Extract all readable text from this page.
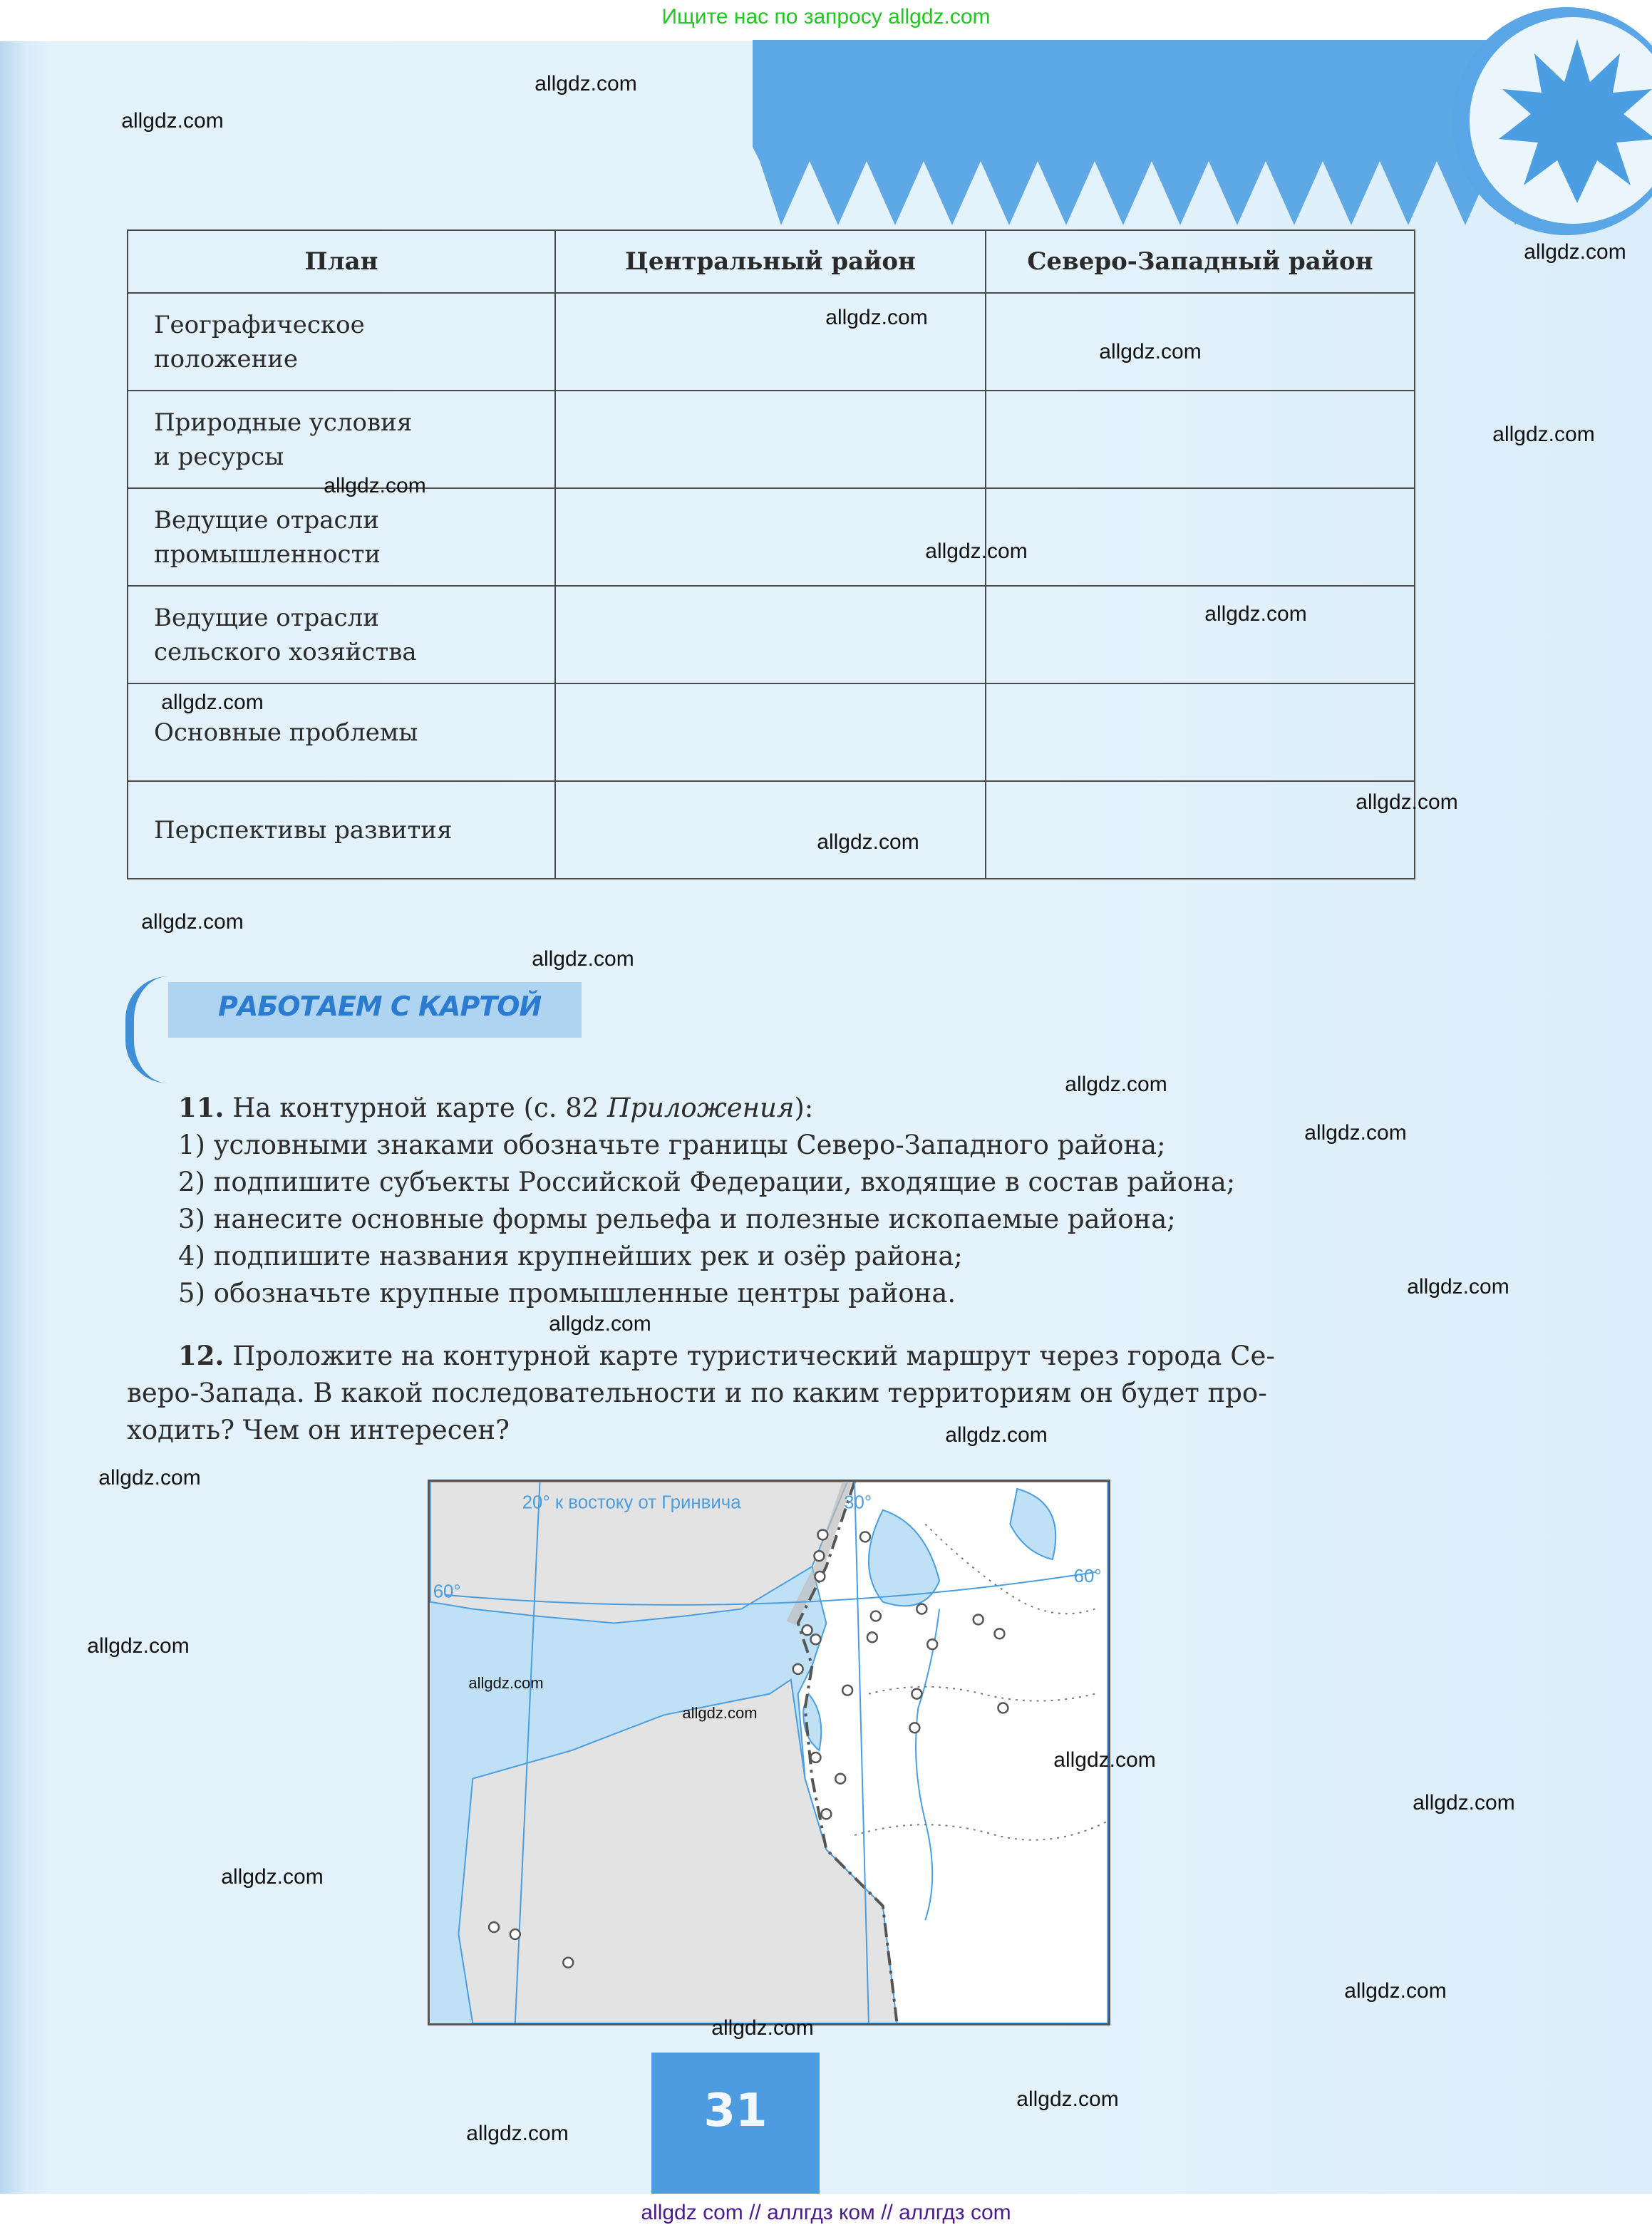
Ищите нас по запросу allgdz.com
План	Центральный район	Северо-Западный район
Географическое положение		
Природные условия и ресурсы		
Ведущие отрасли промышленности		
Ведущие отрасли сельского хозяйства		
Основные проблемы		
Перспективы развития		
РАБОТАЕМ С КАРТОЙ
11. На контурной карте (с. 82 Приложения):
1) условными знаками обозначьте границы Северо-Западного района;
2) подпишите субъекты Российской Федерации, входящие в состав района;
3) нанесите основные формы рельефа и полезные ископаемые района;
4) подпишите названия крупнейших рек и озёр района;
5) обозначьте крупные промышленные центры района.
12. Проложите на контурной карте туристический маршрут через города Се-
веро-Запада. В какой последовательности и по каким территориям он будет про-
ходить? Чем он интересен?
20° к востоку от Гринвича	30°
60°
60°
31
allgdz com // аллгдз ком // аллгдз com
allgdz.com
allgdz.com
allgdz.com
allgdz.com
allgdz.com
allgdz.com
allgdz.com
allgdz.com
allgdz.com
allgdz.com
allgdz.com
allgdz.com
allgdz.com
allgdz.com
allgdz.com
allgdz.com
allgdz.com
allgdz.com
allgdz.com
allgdz.com
allgdz.com
allgdz.com
allgdz.com
allgdz.com
allgdz.com
allgdz.com
allgdz.com
allgdz.com
allgdz.com
allgdz.com
